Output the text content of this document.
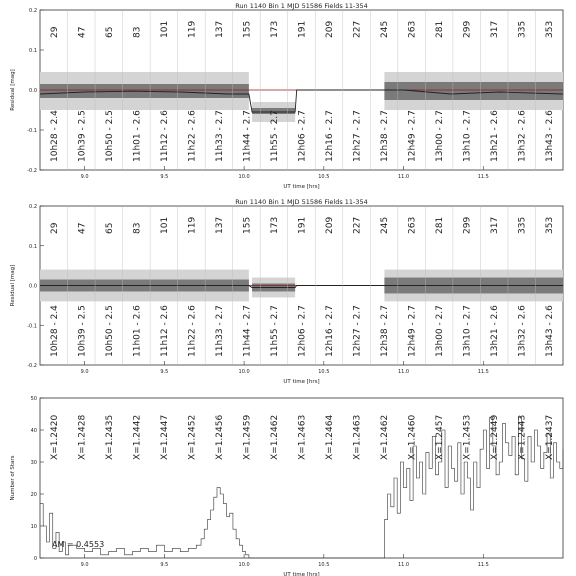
Run 1140 Bin 1 MJD 51586 Fields 11-354
Residual [mag]
UT time [hrs]
-0.2
-0.1
0.0
0.1
0.2
9.0	9.5	10.0	10.5	11.0	11.5
29
10h28 - 2.4
47
10h39 - 2.5
65
10h50 - 2.5
83
11h01 - 2.6
101
11h12 - 2.6
119
11h22 - 2.6
137
11h33 - 2.7
155
11h44 - 2.7
173
11h55 - 2.7
191
12h06 - 2.7
209
12h16 - 2.7
227
12h27 - 2.7
245
12h38 - 2.7
263
12h49 - 2.7
281
13h00 - 2.7
299
13h10 - 2.7
317
13h21 - 2.6
335
13h32 - 2.6
353
13h43 - 2.6
Run 1140 Bin 1 MJD 51586 Fields 11-354
Residual [mag]
UT time [hrs]
-0.2
-0.1
0.0
0.1
0.2
9.0	9.5	10.0	10.5	11.0	11.5
29
10h28 - 2.4
47
10h39 - 2.5
65
10h50 - 2.5
83
11h01 - 2.6
101
11h12 - 2.6
119
11h22 - 2.6
137
11h33 - 2.7
155
11h44 - 2.7
173
11h55 - 2.7
191
12h06 - 2.7
209
12h16 - 2.7
227
12h27 - 2.7
245
12h38 - 2.7
263
12h49 - 2.7
281
13h00 - 2.7
299
13h10 - 2.7
317
13h21 - 2.6
335
13h32 - 2.6
353
13h43 - 2.6
Number of Stars
UT time [hrs]
0
10
20
30
40
50
9.0	9.5	10.0	10.5	11.0	11.5
X=1.2420 X=1.2428 X=1.2435 X=1.2442 X=1.2447 X=1.2452 X=1.2456 X=1.2459 X=1.2462 X=1.2463 X=1.2464 X=1.2463 X=1.2462 X=1.2460 X=1.2457 X=1.2453 X=1.2449 X=1.2443 X=1.2437
AM = 0.4553
